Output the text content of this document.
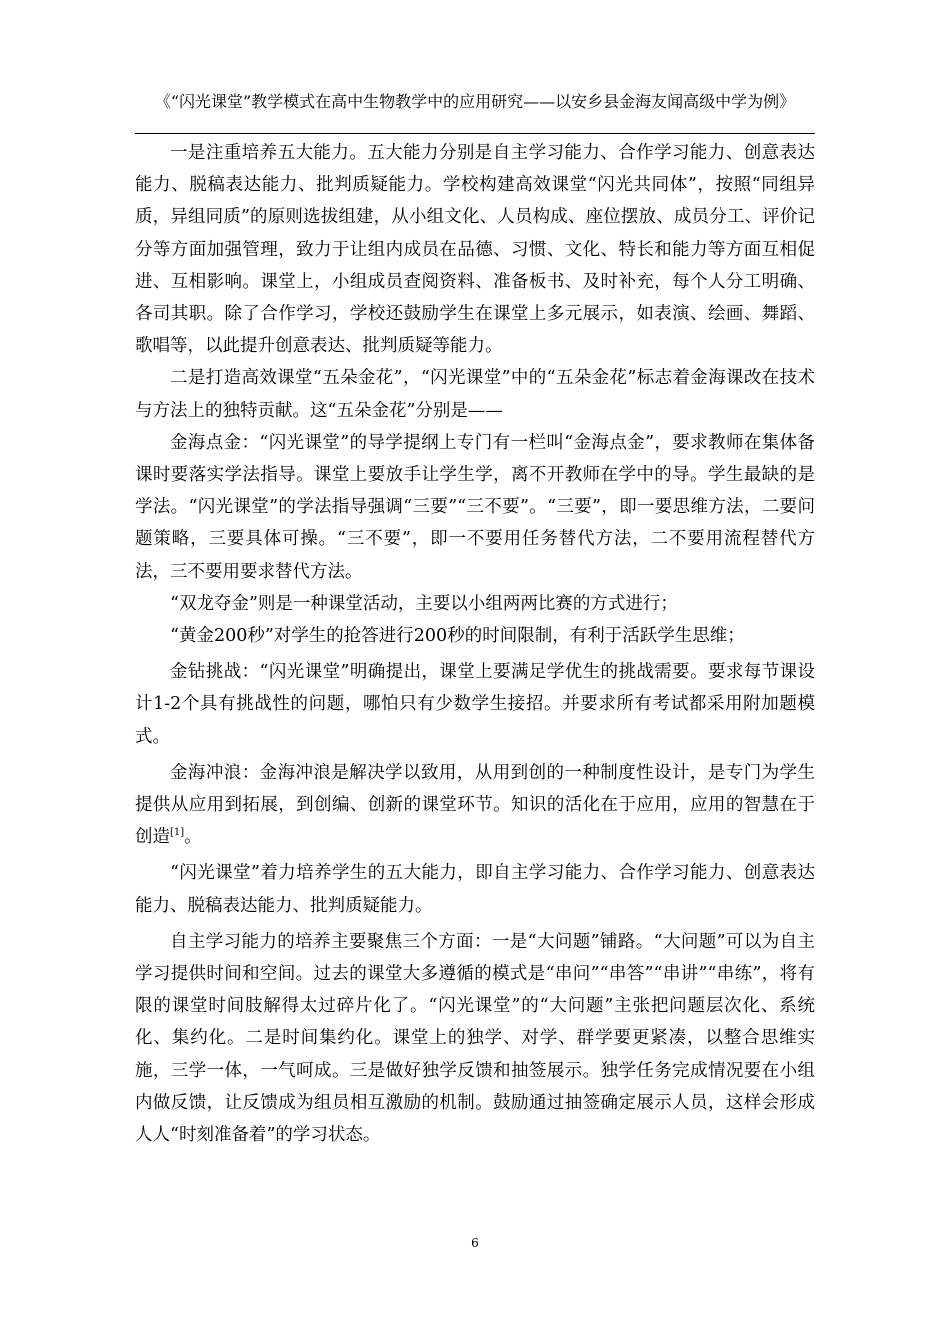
《“闪光课堂”教学模式在高中生物教学中的应用研究——以安乡县金海友闻高级中学为例》

一是注重培养五大能力。五大能力分别是自主学习能力、合作学习能力、创意表达能力、脱稿表达能力、批判质疑能力。学校构建高效课堂“闪光共同体”，按照“同组异质，异组同质”的原则选拔组建，从小组文化、人员构成、座位摆放、成员分工、评价记分等方面加强管理，致力于让组内成员在品德、习惯、文化、特长和能力等方面互相促进、互相影响。课堂上，小组成员查阅资料、准备板书、及时补充，每个人分工明确、各司其职。除了合作学习，学校还鼓励学生在课堂上多元展示，如表演、绘画、舞蹈、歌唱等，以此提升创意表达、批判质疑等能力。

二是打造高效课堂“五朵金花”，“闪光课堂”中的“五朵金花”标志着金海课改在技术与方法上的独特贡献。这“五朵金花”分别是——

金海点金：“闪光课堂”的导学提纲上专门有一栏叫“金海点金”，要求教师在集体备课时要落实学法指导。课堂上要放手让学生学，离不开教师在学中的导。学生最缺的是学法。“闪光课堂”的学法指导强调“三要”“三不要”。“三要”，即一要思维方法，二要问题策略，三要具体可操。“三不要”，即一不要用任务替代方法，二不要用流程替代方法，三不要用要求替代方法。

“双龙夺金”则是一种课堂活动，主要以小组两两比赛的方式进行；

“黄金200秒”对学生的抢答进行200秒的时间限制，有利于活跃学生思维；

金钻挑战：“闪光课堂”明确提出，课堂上要满足学优生的挑战需要。要求每节课设计1-2个具有挑战性的问题，哪怕只有少数学生接招。并要求所有考试都采用附加题模式。

金海冲浪：金海冲浪是解决学以致用，从用到创的一种制度性设计，是专门为学生提供从应用到拓展，到创编、创新的课堂环节。知识的活化在于应用，应用的智慧在于创造[1]。

“闪光课堂”着力培养学生的五大能力，即自主学习能力、合作学习能力、创意表达能力、脱稿表达能力、批判质疑能力。

自主学习能力的培养主要聚焦三个方面：一是“大问题”铺路。“大问题”可以为自主学习提供时间和空间。过去的课堂大多遵循的模式是“串问”“串答”“串讲”“串练”，将有限的课堂时间肢解得太过碎片化了。“闪光课堂”的“大问题”主张把问题层次化、系统化、集约化。二是时间集约化。课堂上的独学、对学、群学要更紧凑，以整合思维实施，三学一体，一气呵成。三是做好独学反馈和抽签展示。独学任务完成情况要在小组内做反馈，让反馈成为组员相互激励的机制。鼓励通过抽签确定展示人员，这样会形成人人“时刻准备着”的学习状态。

6
